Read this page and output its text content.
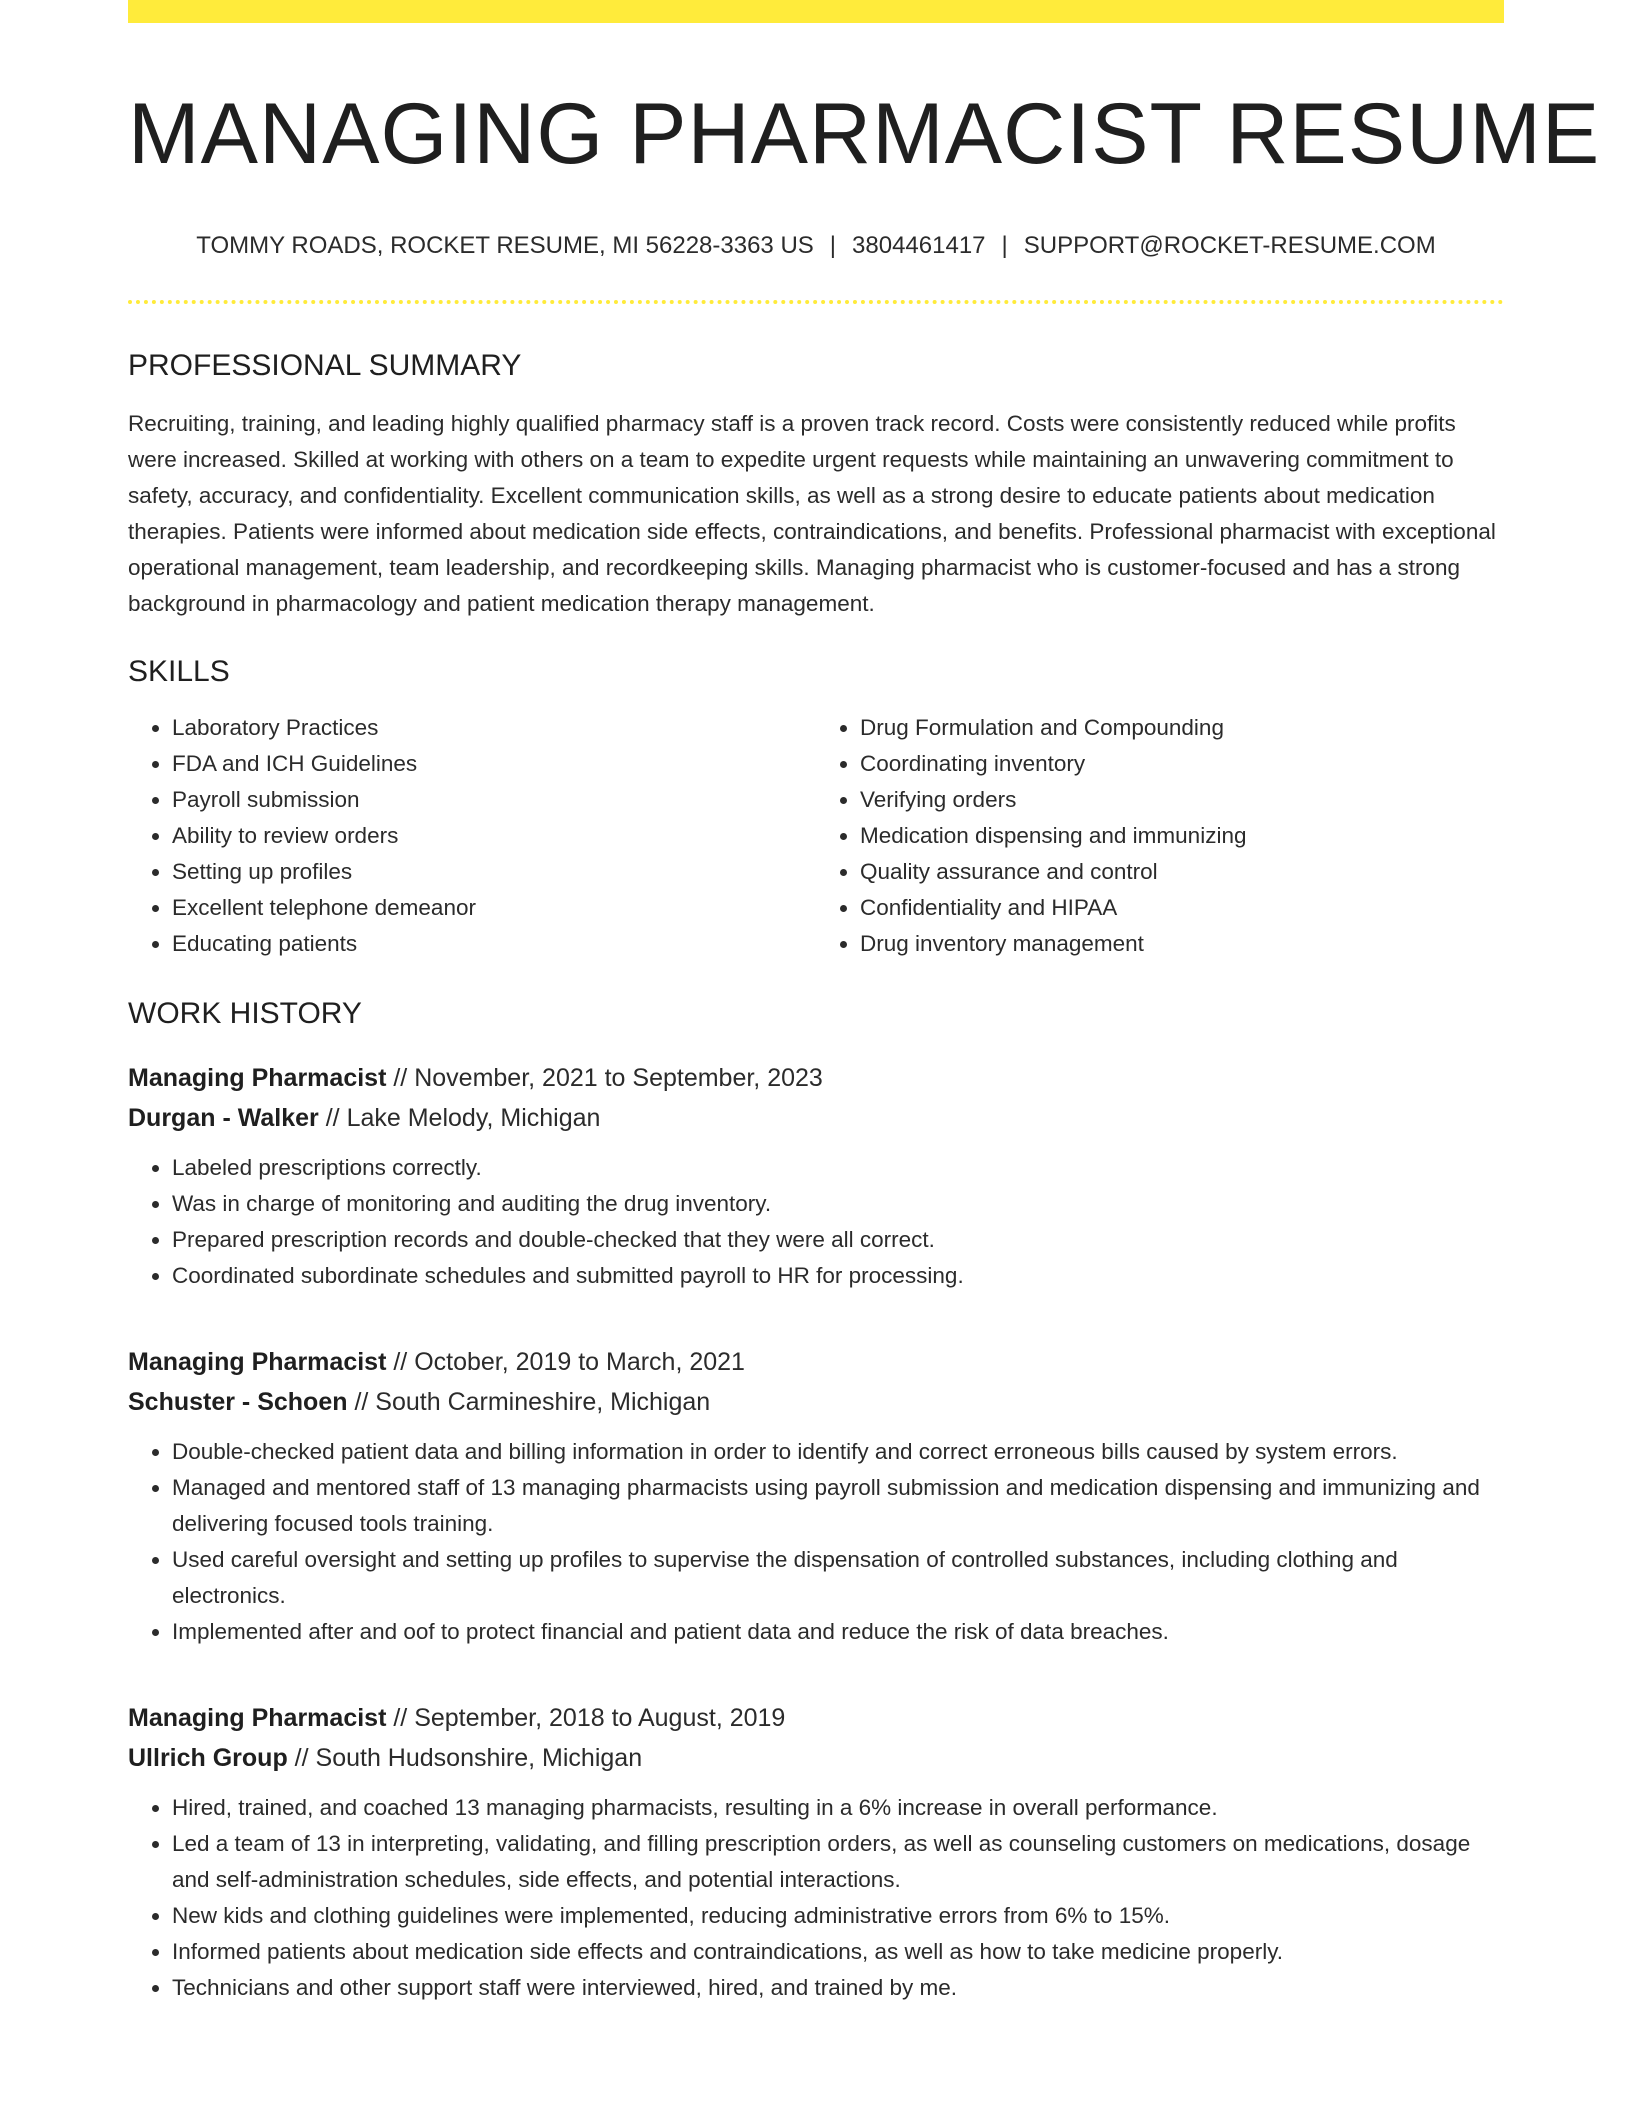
MANAGING PHARMACIST RESUME
TOMMY ROADS, ROCKET RESUME, MI 56228-3363 US | 3804461417 | SUPPORT@ROCKET-RESUME.COM
PROFESSIONAL SUMMARY

Recruiting, training, and leading highly qualified pharmacy staff is a proven track record. Costs were consistently reduced while profits were increased. Skilled at working with others on a team to expedite urgent requests while maintaining an unwavering commitment to safety, accuracy, and confidentiality. Excellent communication skills, as well as a strong desire to educate patients about medication therapies. Patients were informed about medication side effects, contraindications, and benefits. Professional pharmacist with exceptional operational management, team leadership, and recordkeeping skills. Managing pharmacist who is customer-focused and has a strong background in pharmacology and patient medication therapy management.

SKILLS
• Laboratory Practices
• FDA and ICH Guidelines
• Payroll submission
• Ability to review orders
• Setting up profiles
• Excellent telephone demeanor
• Educating patients
• Drug Formulation and Compounding
• Coordinating inventory
• Verifying orders
• Medication dispensing and immunizing
• Quality assurance and control
• Confidentiality and HIPAA
• Drug inventory management
WORK HISTORY
Managing Pharmacist // November, 2021 to September, 2023
Durgan - Walker // Lake Melody, Michigan
• Labeled prescriptions correctly.
• Was in charge of monitoring and auditing the drug inventory.
• Prepared prescription records and double-checked that they were all correct.
• Coordinated subordinate schedules and submitted payroll to HR for processing.
Managing Pharmacist // October, 2019 to March, 2021
Schuster - Schoen // South Carmineshire, Michigan
• Double-checked patient data and billing information in order to identify and correct erroneous bills caused by system errors.
• Managed and mentored staff of 13 managing pharmacists using payroll submission and medication dispensing and immunizing and delivering focused tools training.
• Used careful oversight and setting up profiles to supervise the dispensation of controlled substances, including clothing and electronics.
• Implemented after and oof to protect financial and patient data and reduce the risk of data breaches.
Managing Pharmacist // September, 2018 to August, 2019
Ullrich Group // South Hudsonshire, Michigan
• Hired, trained, and coached 13 managing pharmacists, resulting in a 6% increase in overall performance.
• Led a team of 13 in interpreting, validating, and filling prescription orders, as well as counseling customers on medications, dosage and self-administration schedules, side effects, and potential interactions.
• New kids and clothing guidelines were implemented, reducing administrative errors from 6% to 15%.
• Informed patients about medication side effects and contraindications, as well as how to take medicine properly.
• Technicians and other support staff were interviewed, hired, and trained by me.
